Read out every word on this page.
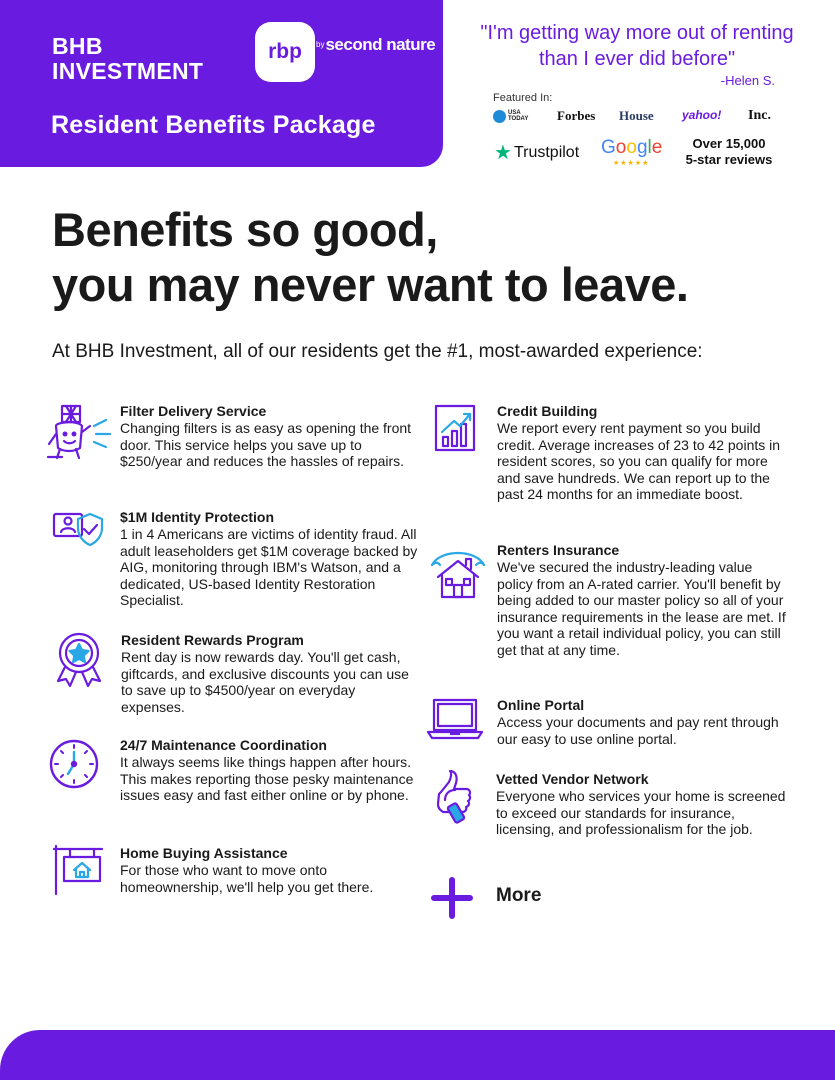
BHB
INVESTMENT
rbp bysecond nature
Resident Benefits Package
"I'm getting way more out of renting than I ever did before"
-Helen S.
Featured In:
USA TODAY	Forbes House yahoo! Inc.
★ Trustpilot Google
★★★★★
Over 15,000
5-star reviews
Benefits so good,
you may never want to leave.
At BHB Investment, all of our residents get the #1, most-awarded experience:
Filter Delivery Service
Changing filters is as easy as opening the front door. This service helps you save up to $250/year and reduces the hassles of repairs.
$1M Identity Protection
1 in 4 Americans are victims of identity fraud. All adult leaseholders get $1M coverage backed by AIG, monitoring through IBM's Watson, and a dedicated, US-based Identity Restoration Specialist.
Resident Rewards Program
Rent day is now rewards day. You'll get cash, giftcards, and exclusive discounts you can use to save up to $4500/year on everyday expenses.
24/7 Maintenance Coordination
It always seems like things happen after hours. This makes reporting those pesky maintenance issues easy and fast either online or by phone.
Home Buying Assistance
For those who want to move onto homeownership, we'll help you get there.
Credit Building
We report every rent payment so you build credit. Average increases of 23 to 42 points in resident scores, so you can qualify for more and save hundreds. We can report up to the past 24 months for an immediate boost.
Renters Insurance
We've secured the industry-leading value policy from an A-rated carrier. You'll benefit by being added to our master policy so all of your insurance requirements in the lease are met. If you want a retail individual policy, you can still get that at any time.
Online Portal
Access your documents and pay rent through our easy to use online portal.
Vetted Vendor Network
Everyone who services your home is screened to exceed our standards for insurance, licensing, and professionalism for the job.
More
